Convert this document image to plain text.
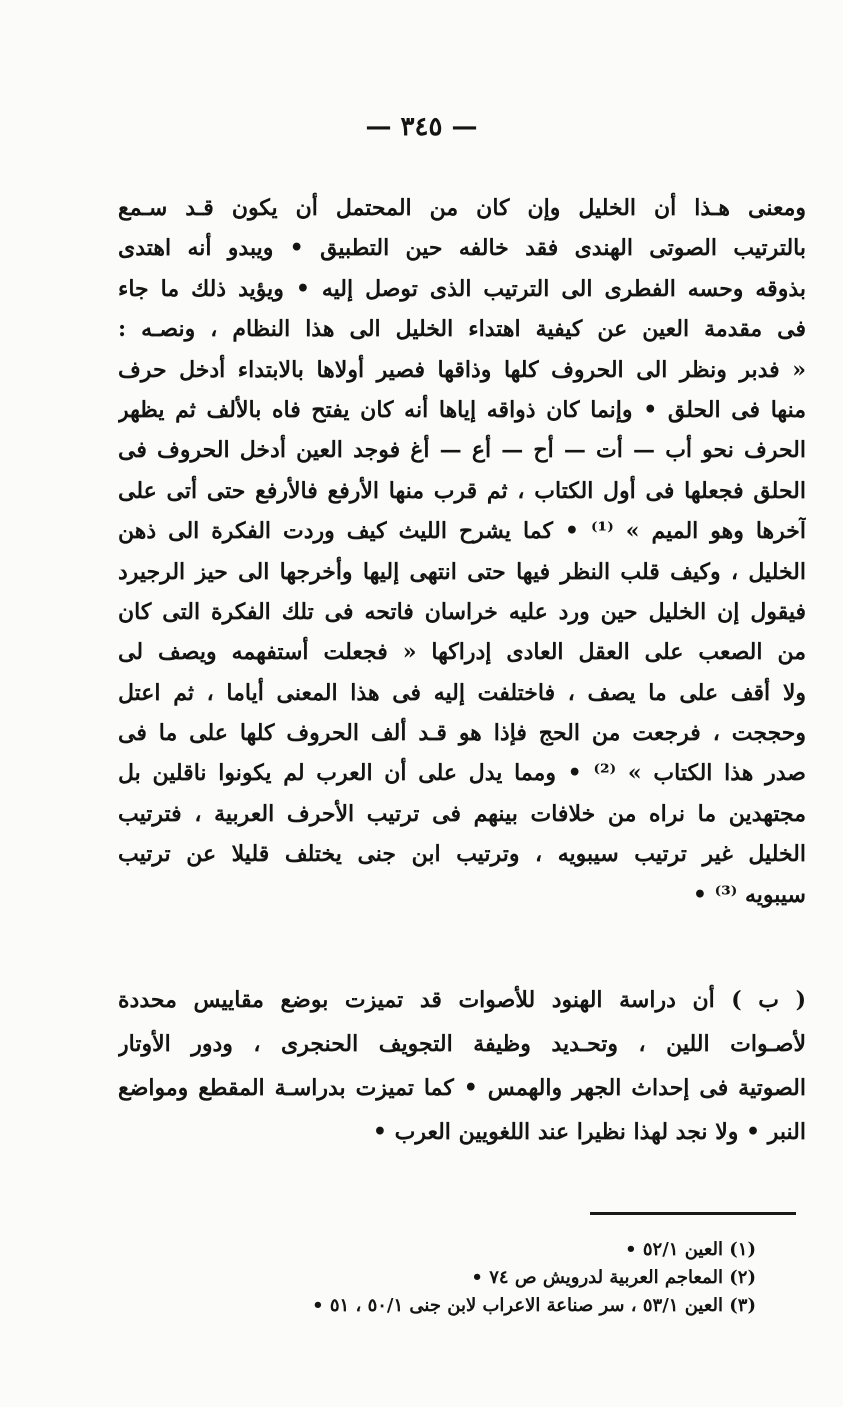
— ٣٤٥ —
ومعنى هـذا أن الخليل وإن كان من المحتمل أن يكون قـد سـمع
بالترتيب الصوتى الهندى فقد خالفه حين التطبيق • ويبدو أنه اهتدى
بذوقه وحسه الفطرى الى الترتيب الذى توصل إليه • ويؤيد ذلك ما جاء
فى مقدمة العين عن كيفية اهتداء الخليل الى هذا النظام ، ونصـه :
« فدبر ونظر الى الحروف كلها وذاقها فصير أولاها بالابتداء أدخل حرف
منها فى الحلق • وإنما كان ذواقه إياها أنه كان يفتح فاه بالألف ثم يظهر
الحرف نحو أب — أت — أح — أع — أغ فوجد العين أدخل الحروف فى
الحلق فجعلها فى أول الكتاب ، ثم قرب منها الأرفع فالأرفع حتى أتى على
آخرها وهو الميم » ⁽¹⁾ • كما يشرح الليث كيف وردت الفكرة الى ذهن
الخليل ، وكيف قلب النظر فيها حتى انتهى إليها وأخرجها الى حيز الرجيرد
فيقول إن الخليل حين ورد عليه خراسان فاتحه فى تلك الفكرة التى كان
من الصعب على العقل العادى إدراكها « فجعلت أستفهمه ويصف لى
ولا أقف على ما يصف ، فاختلفت إليه فى هذا المعنى أياما ، ثم اعتل
وحججت ، فرجعت من الحج فإذا هو قـد ألف الحروف كلها على ما فى
صدر هذا الكتاب » ⁽²⁾ • ومما يدل على أن العرب لم يكونوا ناقلين بل
مجتهدين ما نراه من خلافات بينهم فى ترتيب الأحرف العربية ، فترتيب
الخليل غير ترتيب سيبويه ، وترتيب ابن جنى يختلف قليلا عن ترتيب
سيبويه ⁽³⁾ •
( ب ) أن دراسة الهنود للأصوات قد تميزت بوضع مقاييس محددة
لأصـوات اللين ، وتحـديد وظيفة التجويف الحنجرى ، ودور الأوتار
الصوتية فى إحداث الجهر والهمس • كما تميزت بدراسـة المقطع ومواضع
النبر • ولا نجد لهذا نظيرا عند اللغويين العرب •
(١) العين ٥٢/١ •
(٢) المعاجم العربية لدرويش ص ٧٤ •
(٣) العين ٥٣/١ ، سر صناعة الاعراب لابن جنى ٥٠/١ ، ٥١ •
